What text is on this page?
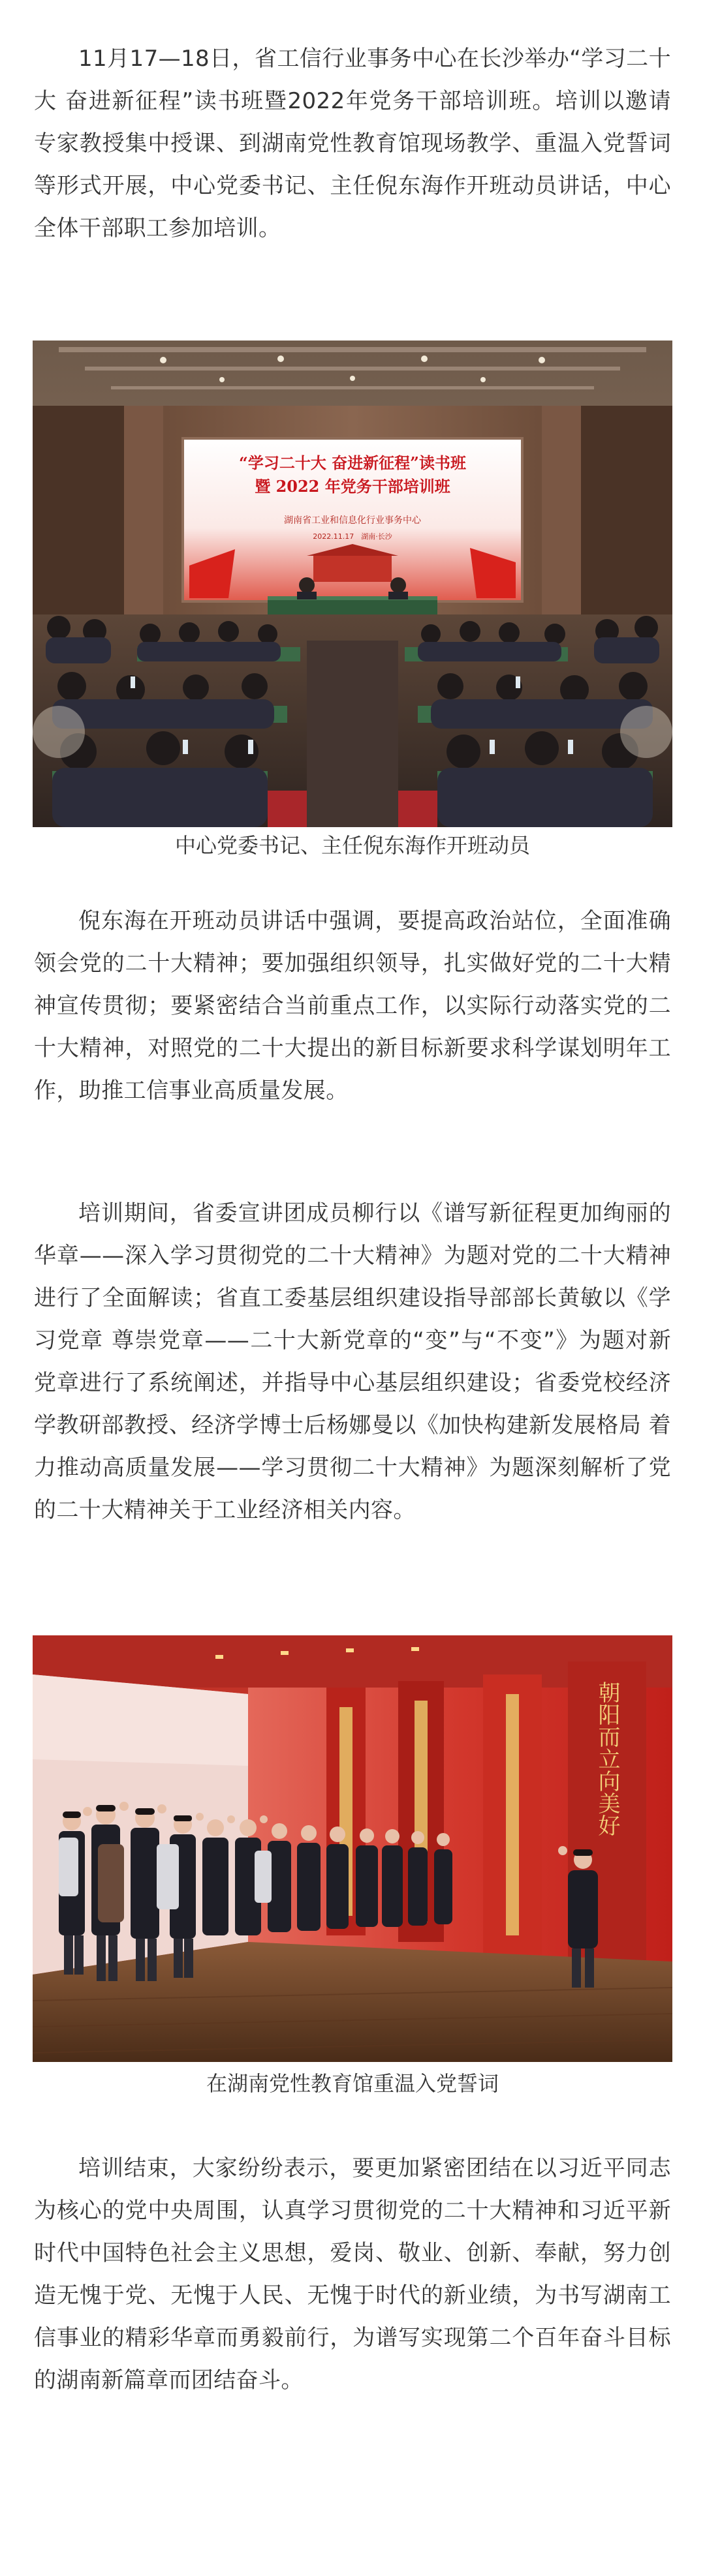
11月17—18日，省工信行业事务中心在长沙举办“学习二十大 奋进新征程”读书班暨2022年党务干部培训班。培训以邀请专家教授集中授课、到湖南党性教育馆现场教学、重温入党誓词等形式开展，中心党委书记、主任倪东海作开班动员讲话，中心全体干部职工参加培训。

“学习二十大 奋进新征程”读书班
暨 2022 年党务干部培训班
湖南省工业和信息化行业事务中心
2022.11.17　湖南·长沙
中心党委书记、主任倪东海作开班动员

倪东海在开班动员讲话中强调，要提高政治站位，全面准确领会党的二十大精神；要加强组织领导，扎实做好党的二十大精神宣传贯彻；要紧密结合当前重点工作，以实际行动落实党的二十大精神，对照党的二十大提出的新目标新要求科学谋划明年工作，助推工信事业高质量发展。

培训期间，省委宣讲团成员柳行以《谱写新征程更加绚丽的华章——深入学习贯彻党的二十大精神》为题对党的二十大精神进行了全面解读；省直工委基层组织建设指导部部长黄敏以《学习党章 尊崇党章——二十大新党章的“变”与“不变”》为题对新党章进行了系统阐述，并指导中心基层组织建设；省委党校经济学教研部教授、经济学博士后杨娜曼以《加快构建新发展格局 着力推动高质量发展——学习贯彻二十大精神》为题深刻解析了党的二十大精神关于工业经济相关内容。

朝阳而立向美好
在湖南党性教育馆重温入党誓词

培训结束，大家纷纷表示，要更加紧密团结在以习近平同志为核心的党中央周围，认真学习贯彻党的二十大精神和习近平新时代中国特色社会主义思想，爱岗、敬业、创新、奉献，努力创造无愧于党、无愧于人民、无愧于时代的新业绩，为书写湖南工信事业的精彩华章而勇毅前行，为谱写实现第二个百年奋斗目标的湖南新篇章而团结奋斗。
